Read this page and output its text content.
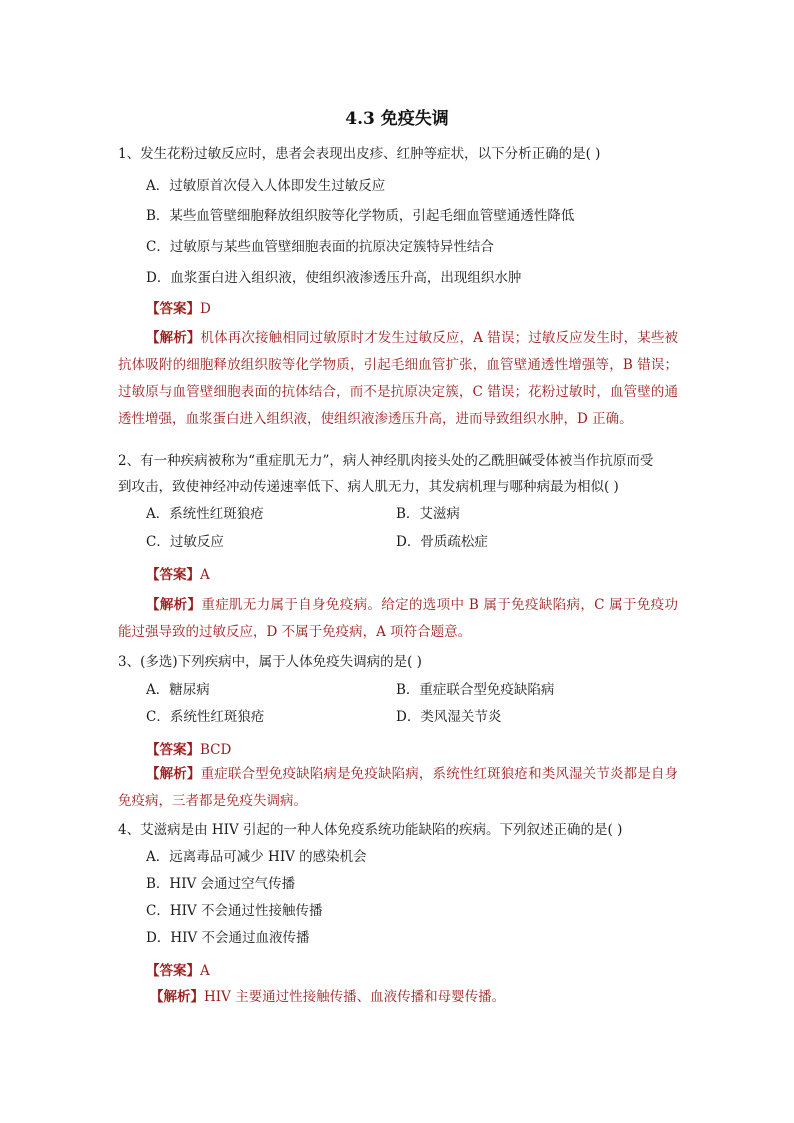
4.3 免疫失调
1、发生花粉过敏反应时，患者会表现出皮疹、红肿等症状，以下分析正确的是( )
A．过敏原首次侵入人体即发生过敏反应
B．某些血管壁细胞释放组织胺等化学物质，引起毛细血管壁通透性降低
C．过敏原与某些血管壁细胞表面的抗原决定簇特异性结合
D．血浆蛋白进入组织液，使组织液渗透压升高，出现组织水肿
【答案】D
【解析】机体再次接触相同过敏原时才发生过敏反应，A 错误；过敏反应发生时，某些被抗体吸附的细胞释放组织胺等化学物质，引起毛细血管扩张，血管壁通透性增强等，B 错误；过敏原与血管壁细胞表面的抗体结合，而不是抗原决定簇，C 错误；花粉过敏时，血管壁的通透性增强，血浆蛋白进入组织液，使组织液渗透压升高，进而导致组织水肿，D 正确。
2、有一种疾病被称为“重症肌无力”，病人神经肌肉接头处的乙酰胆碱受体被当作抗原而受
到攻击，致使神经冲动传递速率低下、病人肌无力，其发病机理与哪种病最为相似( )
A．系统性红斑狼疮	B．艾滋病
C．过敏反应	D．骨质疏松症
【答案】A
【解析】重症肌无力属于自身免疫病。给定的选项中 B 属于免疫缺陷病，C 属于免疫功能过强导致的过敏反应，D 不属于免疫病，A 项符合题意。
3、(多选)下列疾病中，属于人体免疫失调病的是( )
A．糖尿病	B．重症联合型免疫缺陷病
C．系统性红斑狼疮	D．类风湿关节炎
【答案】BCD
【解析】重症联合型免疫缺陷病是免疫缺陷病，系统性红斑狼疮和类风湿关节炎都是自身免疫病，三者都是免疫失调病。
4、艾滋病是由 HIV 引起的一种人体免疫系统功能缺陷的疾病。下列叙述正确的是( )
A．远离毒品可减少 HIV 的感染机会
B．HIV 会通过空气传播
C．HIV 不会通过性接触传播
D．HIV 不会通过血液传播
【答案】A
【解析】HIV 主要通过性接触传播、血液传播和母婴传播。
